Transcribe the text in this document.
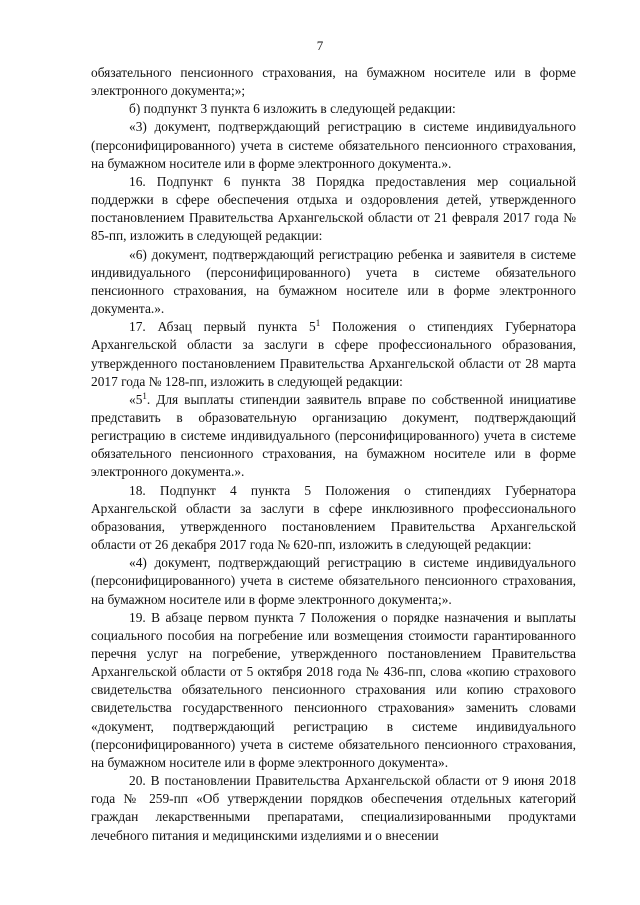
7

обязательного пенсионного страхования, на бумажном носителе или в форме электронного документа;»;

б) подпункт 3 пункта 6 изложить в следующей редакции:

«3) документ, подтверждающий регистрацию в системе индивидуального (персонифицированного) учета в системе обязательного пенсионного страхования, на бумажном носителе или в форме электронного документа.».

16. Подпункт 6 пункта 38 Порядка предоставления мер социальной поддержки в сфере обеспечения отдыха и оздоровления детей, утвержденного постановлением Правительства Архангельской области от 21 февраля 2017 года № 85-пп, изложить в следующей редакции:

«6) документ, подтверждающий регистрацию ребенка и заявителя в системе индивидуального (персонифицированного) учета в системе обязательного пенсионного страхования, на бумажном носителе или в форме электронного документа.».

17. Абзац первый пункта $5^1$ Положения о стипендиях Губернатора Архангельской области за заслуги в сфере профессионального образования, утвержденного постановлением Правительства Архангельской области от 28 марта 2017 года № 128-пп, изложить в следующей редакции:

«$5^1$. Для выплаты стипендии заявитель вправе по собственной инициативе представить в образовательную организацию документ, подтверждающий регистрацию в системе индивидуального (персонифицированного) учета в системе обязательного пенсионного страхования, на бумажном носителе или в форме электронного документа.».

18. Подпункт 4 пункта 5 Положения о стипендиях Губернатора Архангельской области за заслуги в сфере инклюзивного профессионального образования, утвержденного постановлением Правительства Архангельской области от 26 декабря 2017 года № 620-пп, изложить в следующей редакции:

«4) документ, подтверждающий регистрацию в системе индивидуального (персонифицированного) учета в системе обязательного пенсионного страхования, на бумажном носителе или в форме электронного документа;».

19. В абзаце первом пункта 7 Положения о порядке назначения и выплаты социального пособия на погребение или возмещения стоимости гарантированного перечня услуг на погребение, утвержденного постановлением Правительства Архангельской области от 5 октября 2018 года № 436-пп, слова «копию страхового свидетельства обязательного пенсионного страхования или копию страхового свидетельства государственного пенсионного страхования» заменить словами «документ, подтверждающий регистрацию в системе индивидуального (персонифицированного) учета в системе обязательного пенсионного страхования, на бумажном носителе или в форме электронного документа».

20. В постановлении Правительства Архангельской области от 9 июня 2018 года № 259-пп «Об утверждении порядков обеспечения отдельных категорий граждан лекарственными препаратами, специализированными продуктами лечебного питания и медицинскими изделиями и о внесении
